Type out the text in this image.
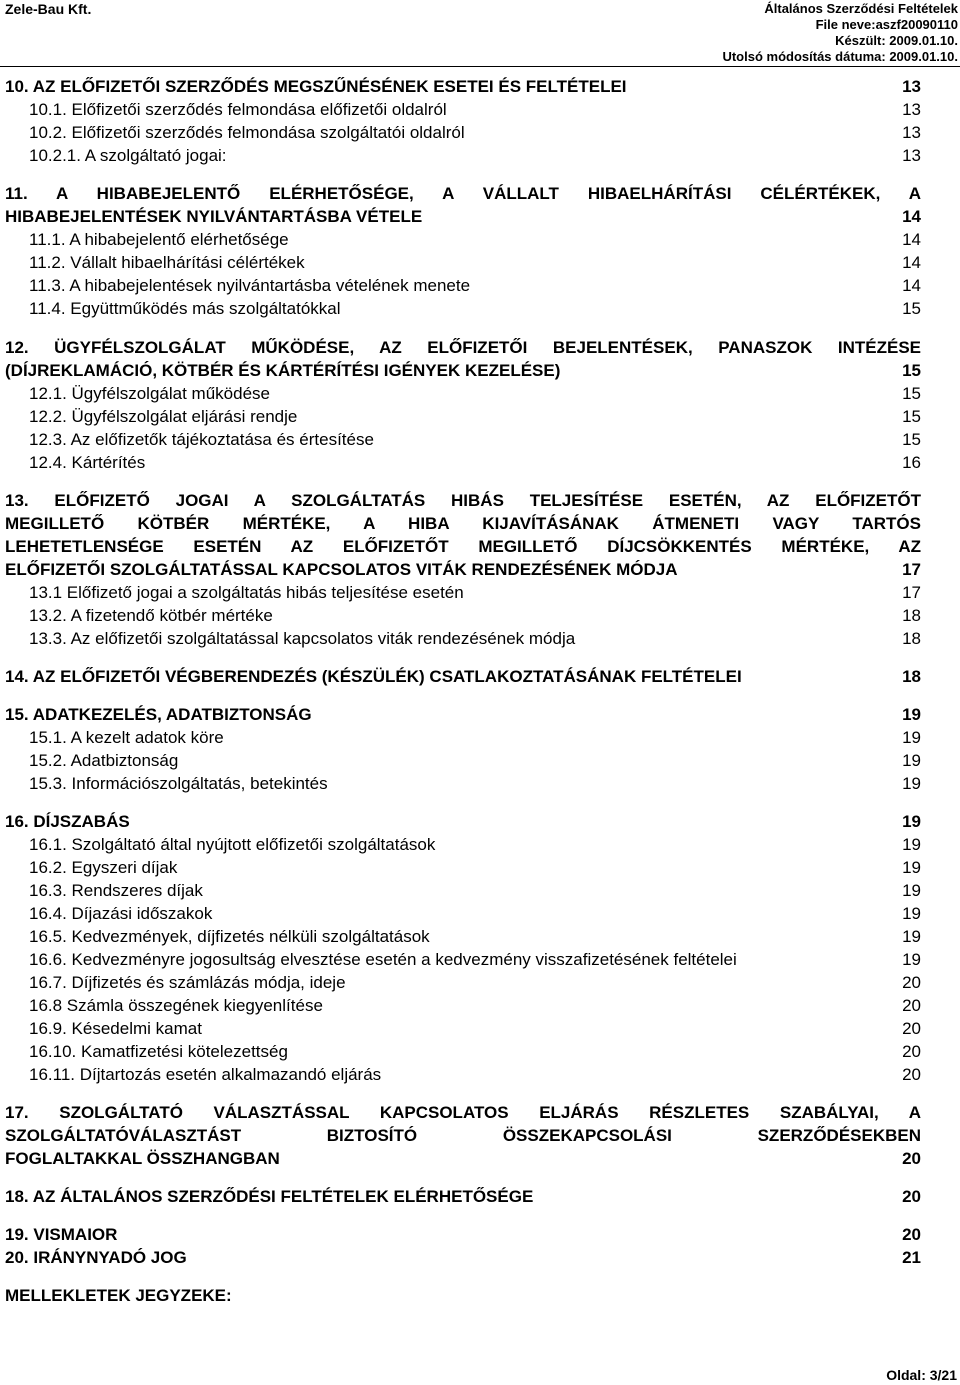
Zele-Bau Kft.	Általános Szerződési Feltételek
File neve:aszf20090110
Készült: 2009.01.10.
Utolsó módosítás dátuma: 2009.01.10.
10. AZ ELŐFIZETŐI SZERZŐDÉS MEGSZŰNÉSÉNEK ESETEI ÉS FELTÉTELEI	13
10.1. Előfizetői szerződés felmondása előfizetői oldalról	13
10.2. Előfizetői szerződés felmondása szolgáltatói oldalról	13
10.2.1. A szolgáltató jogai:	13
11. A HIBABEJELENTŐ ELÉRHETŐSÉGE, A VÁLLALT HIBAELHÁRÍTÁSI CÉLÉRTÉKEK, A
HIBABEJELENTÉSEK NYILVÁNTARTÁSBA VÉTELE	14
11.1. A hibabejelentő elérhetősége	14
11.2. Vállalt hibaelhárítási célértékek	14
11.3. A hibabejelentések nyilvántartásba vételének menete	14
11.4. Együttműködés más szolgáltatókkal	15
12. ÜGYFÉLSZOLGÁLAT MŰKÖDÉSE, AZ ELŐFIZETŐI BEJELENTÉSEK, PANASZOK INTÉZÉSE
(DÍJREKLAMÁCIÓ, KÖTBÉR ÉS KÁRTÉRÍTÉSI IGÉNYEK KEZELÉSE)	15
12.1. Ügyfélszolgálat működése	15
12.2. Ügyfélszolgálat eljárási rendje	15
12.3. Az előfizetők tájékoztatása és értesítése	15
12.4. Kártérítés	16
13. ELŐFIZETŐ JOGAI A SZOLGÁLTATÁS HIBÁS TELJESÍTÉSE ESETÉN, AZ ELŐFIZETŐT
MEGILLETŐ KÖTBÉR MÉRTÉKE, A HIBA KIJAVÍTÁSÁNAK ÁTMENETI VAGY TARTÓS
LEHETETLENSÉGE ESETÉN AZ ELŐFIZETŐT MEGILLETŐ DÍJCSÖKKENTÉS MÉRTÉKE, AZ
ELŐFIZETŐI SZOLGÁLTATÁSSAL KAPCSOLATOS VITÁK RENDEZÉSÉNEK MÓDJA	17
13.1 Előfizető jogai a szolgáltatás hibás teljesítése esetén	17
13.2. A fizetendő kötbér mértéke	18
13.3. Az előfizetői szolgáltatással kapcsolatos viták rendezésének módja	18
14. AZ ELŐFIZETŐI VÉGBERENDEZÉS (KÉSZÜLÉK) CSATLAKOZTATÁSÁNAK FELTÉTELEI	18
15. ADATKEZELÉS, ADATBIZTONSÁG	19
15.1. A kezelt adatok köre	19
15.2. Adatbiztonság	19
15.3. Információszolgáltatás, betekintés	19
16. DÍJSZABÁS	19
16.1. Szolgáltató által nyújtott előfizetői szolgáltatások	19
16.2. Egyszeri díjak	19
16.3. Rendszeres díjak	19
16.4. Díjazási időszakok	19
16.5. Kedvezmények, díjfizetés nélküli szolgáltatások	19
16.6. Kedvezményre jogosultság elvesztése esetén a kedvezmény visszafizetésének feltételei	19
16.7. Díjfizetés és számlázás módja, ideje	20
16.8 Számla összegének kiegyenlítése	20
16.9. Késedelmi kamat	20
16.10. Kamatfizetési kötelezettség	20
16.11. Díjtartozás esetén alkalmazandó eljárás	20
17. SZOLGÁLTATÓ VÁLASZTÁSSAL KAPCSOLATOS ELJÁRÁS RÉSZLETES SZABÁLYAI, A
SZOLGÁLTATÓVÁLASZTÁST BIZTOSÍTÓ ÖSSZEKAPCSOLÁSI SZERZŐDÉSEKBEN
FOGLALTAKKAL ÖSSZHANGBAN	20
18. AZ ÁLTALÁNOS SZERZŐDÉSI FELTÉTELEK ELÉRHETŐSÉGE	20
19. VISMAIOR	20
20. IRÁNYNYADÓ JOG	21
MELLEKLETEK JEGYZEKE:
Oldal: 3/21
